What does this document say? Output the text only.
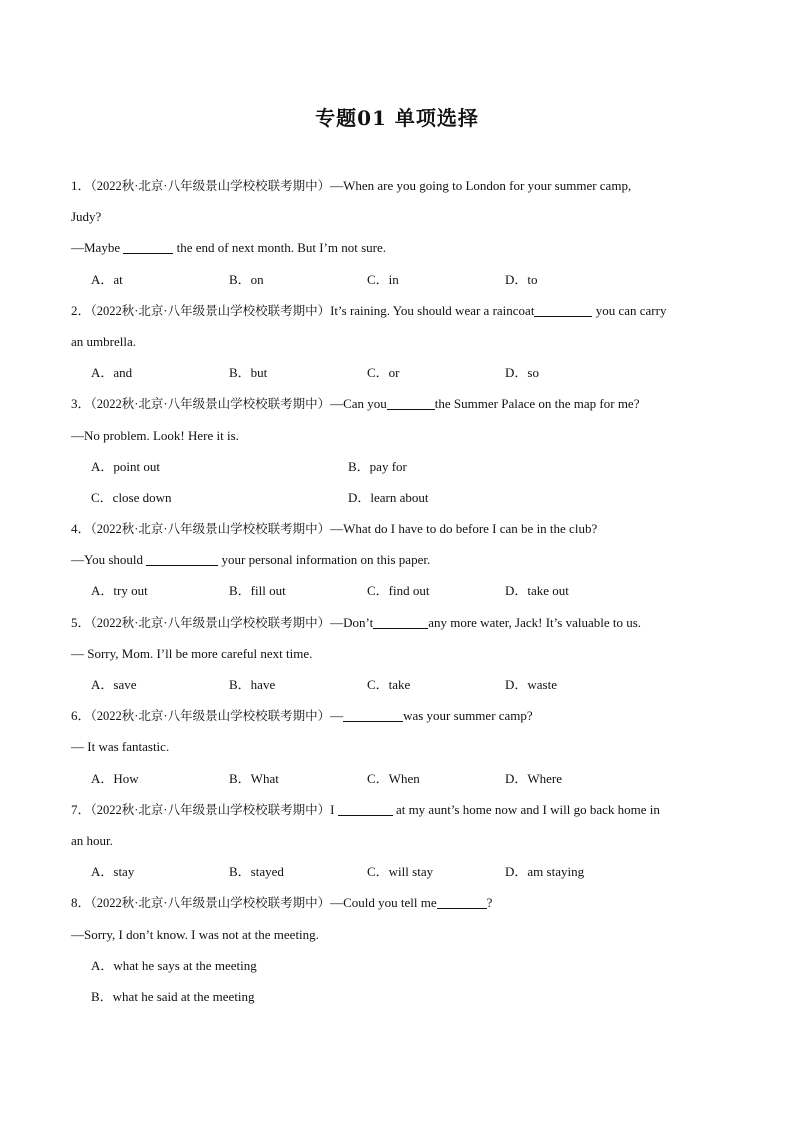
专题01 单项选择
1．（2022秋·北京·八年级景山学校校联考期中）—When are you going to London for your summer camp,
Judy?
—Maybe	the end of next month. But I’m not sure.
A．at	B．on	C．in	D．to
2．（2022秋·北京·八年级景山学校校联考期中）It’s raining. You should wear a raincoat	you can carry
an umbrella.
A．and	B．but	C．or	D．so
3．（2022秋·北京·八年级景山学校校联考期中）—Can you	the Summer Palace on the map for me?
—No problem. Look! Here it is.
A．point out	B．pay for
C．close down	D．learn about
4．（2022秋·北京·八年级景山学校校联考期中）—What do I have to do before I can be in the club?
—You should	your personal information on this paper.
A．try out	B．fill out	C．find out	D．take out
5．（2022秋·北京·八年级景山学校校联考期中）—Don’t	any more water, Jack! It’s valuable to us.
— Sorry, Mom. I’ll be more careful next time.
A．save	B．have	C．take	D．waste
6．（2022秋·北京·八年级景山学校校联考期中）—	was your summer camp?
— It was fantastic.
A．How	B．What	C．When	D．Where
7．（2022秋·北京·八年级景山学校校联考期中）I	at my aunt’s home now and I will go back home in
an hour.
A．stay	B．stayed	C．will stay	D．am staying
8．（2022秋·北京·八年级景山学校校联考期中）—Could you tell me	?
—Sorry, I don’t know. I was not at the meeting.
A．what he says at the meeting
B．what he said at the meeting
